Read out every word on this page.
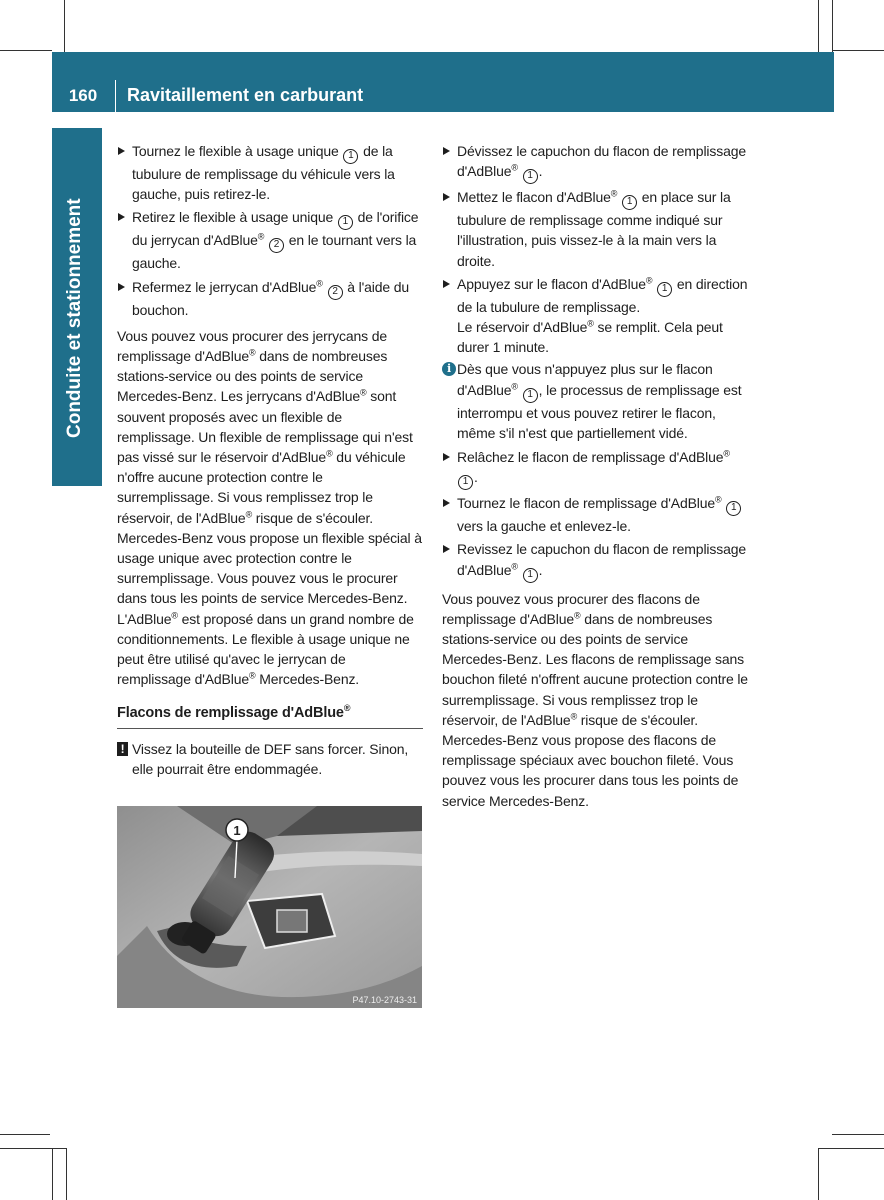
160	Ravitaillement en carburant
Conduite et stationnement
Tournez le flexible à usage unique 1 de la tubulure de remplissage du véhicule vers la gauche, puis retirez-le.
Retirez le flexible à usage unique 1 de l'orifice du jerrycan d'AdBlue® 2 en le tournant vers la gauche.
Refermez le jerrycan d'AdBlue® 2 à l'aide du bouchon.
Vous pouvez vous procurer des jerrycans de remplissage d'AdBlue® dans de nombreuses stations-service ou des points de service Mercedes-Benz. Les jerrycans d'AdBlue® sont souvent proposés avec un flexible de remplissage. Un flexible de remplissage qui n'est pas vissé sur le réservoir d'AdBlue® du véhicule n'offre aucune protection contre le surremplissage. Si vous remplissez trop le réservoir, de l'AdBlue® risque de s'écouler. Mercedes-Benz vous propose un flexible spécial à usage unique avec protection contre le surremplissage. Vous pouvez vous le procurer dans tous les points de service Mercedes-Benz. L'AdBlue® est proposé dans un grand nombre de conditionnements. Le flexible à usage unique ne peut être utilisé qu'avec le jerrycan de remplissage d'AdBlue® Mercedes-Benz.
Flacons de remplissage d'AdBlue®
! Vissez la bouteille de DEF sans forcer. Sinon, elle pourrait être endommagée.
1
P47.10-2743-31
Dévissez le capuchon du flacon de remplissage d'AdBlue® 1 .
Mettez le flacon d'AdBlue® 1 en place sur la tubulure de remplissage comme indiqué sur l'illustration, puis vissez-le à la main vers la droite.
Appuyez sur le flacon d'AdBlue® 1 en direction de la tubulure de remplissage.
Le réservoir d'AdBlue® se remplit. Cela peut durer 1 minute.
i Dès que vous n'appuyez plus sur le flacon d'AdBlue® 1 , le processus de remplissage est interrompu et vous pouvez retirer le flacon, même s'il n'est que partiellement vidé.
Relâchez le flacon de remplissage d'AdBlue® 1 .
Tournez le flacon de remplissage d'AdBlue® 1 vers la gauche et enlevez-le.
Revissez le capuchon du flacon de remplissage d'AdBlue® 1 .
Vous pouvez vous procurer des flacons de remplissage d'AdBlue® dans de nombreuses stations-service ou des points de service Mercedes-Benz. Les flacons de remplissage sans bouchon fileté n'offrent aucune protection contre le surremplissage. Si vous remplissez trop le réservoir, de l'AdBlue® risque de s'écouler. Mercedes-Benz vous propose des flacons de remplissage spéciaux avec bouchon fileté. Vous pouvez vous les procurer dans tous les points de service Mercedes-Benz.
